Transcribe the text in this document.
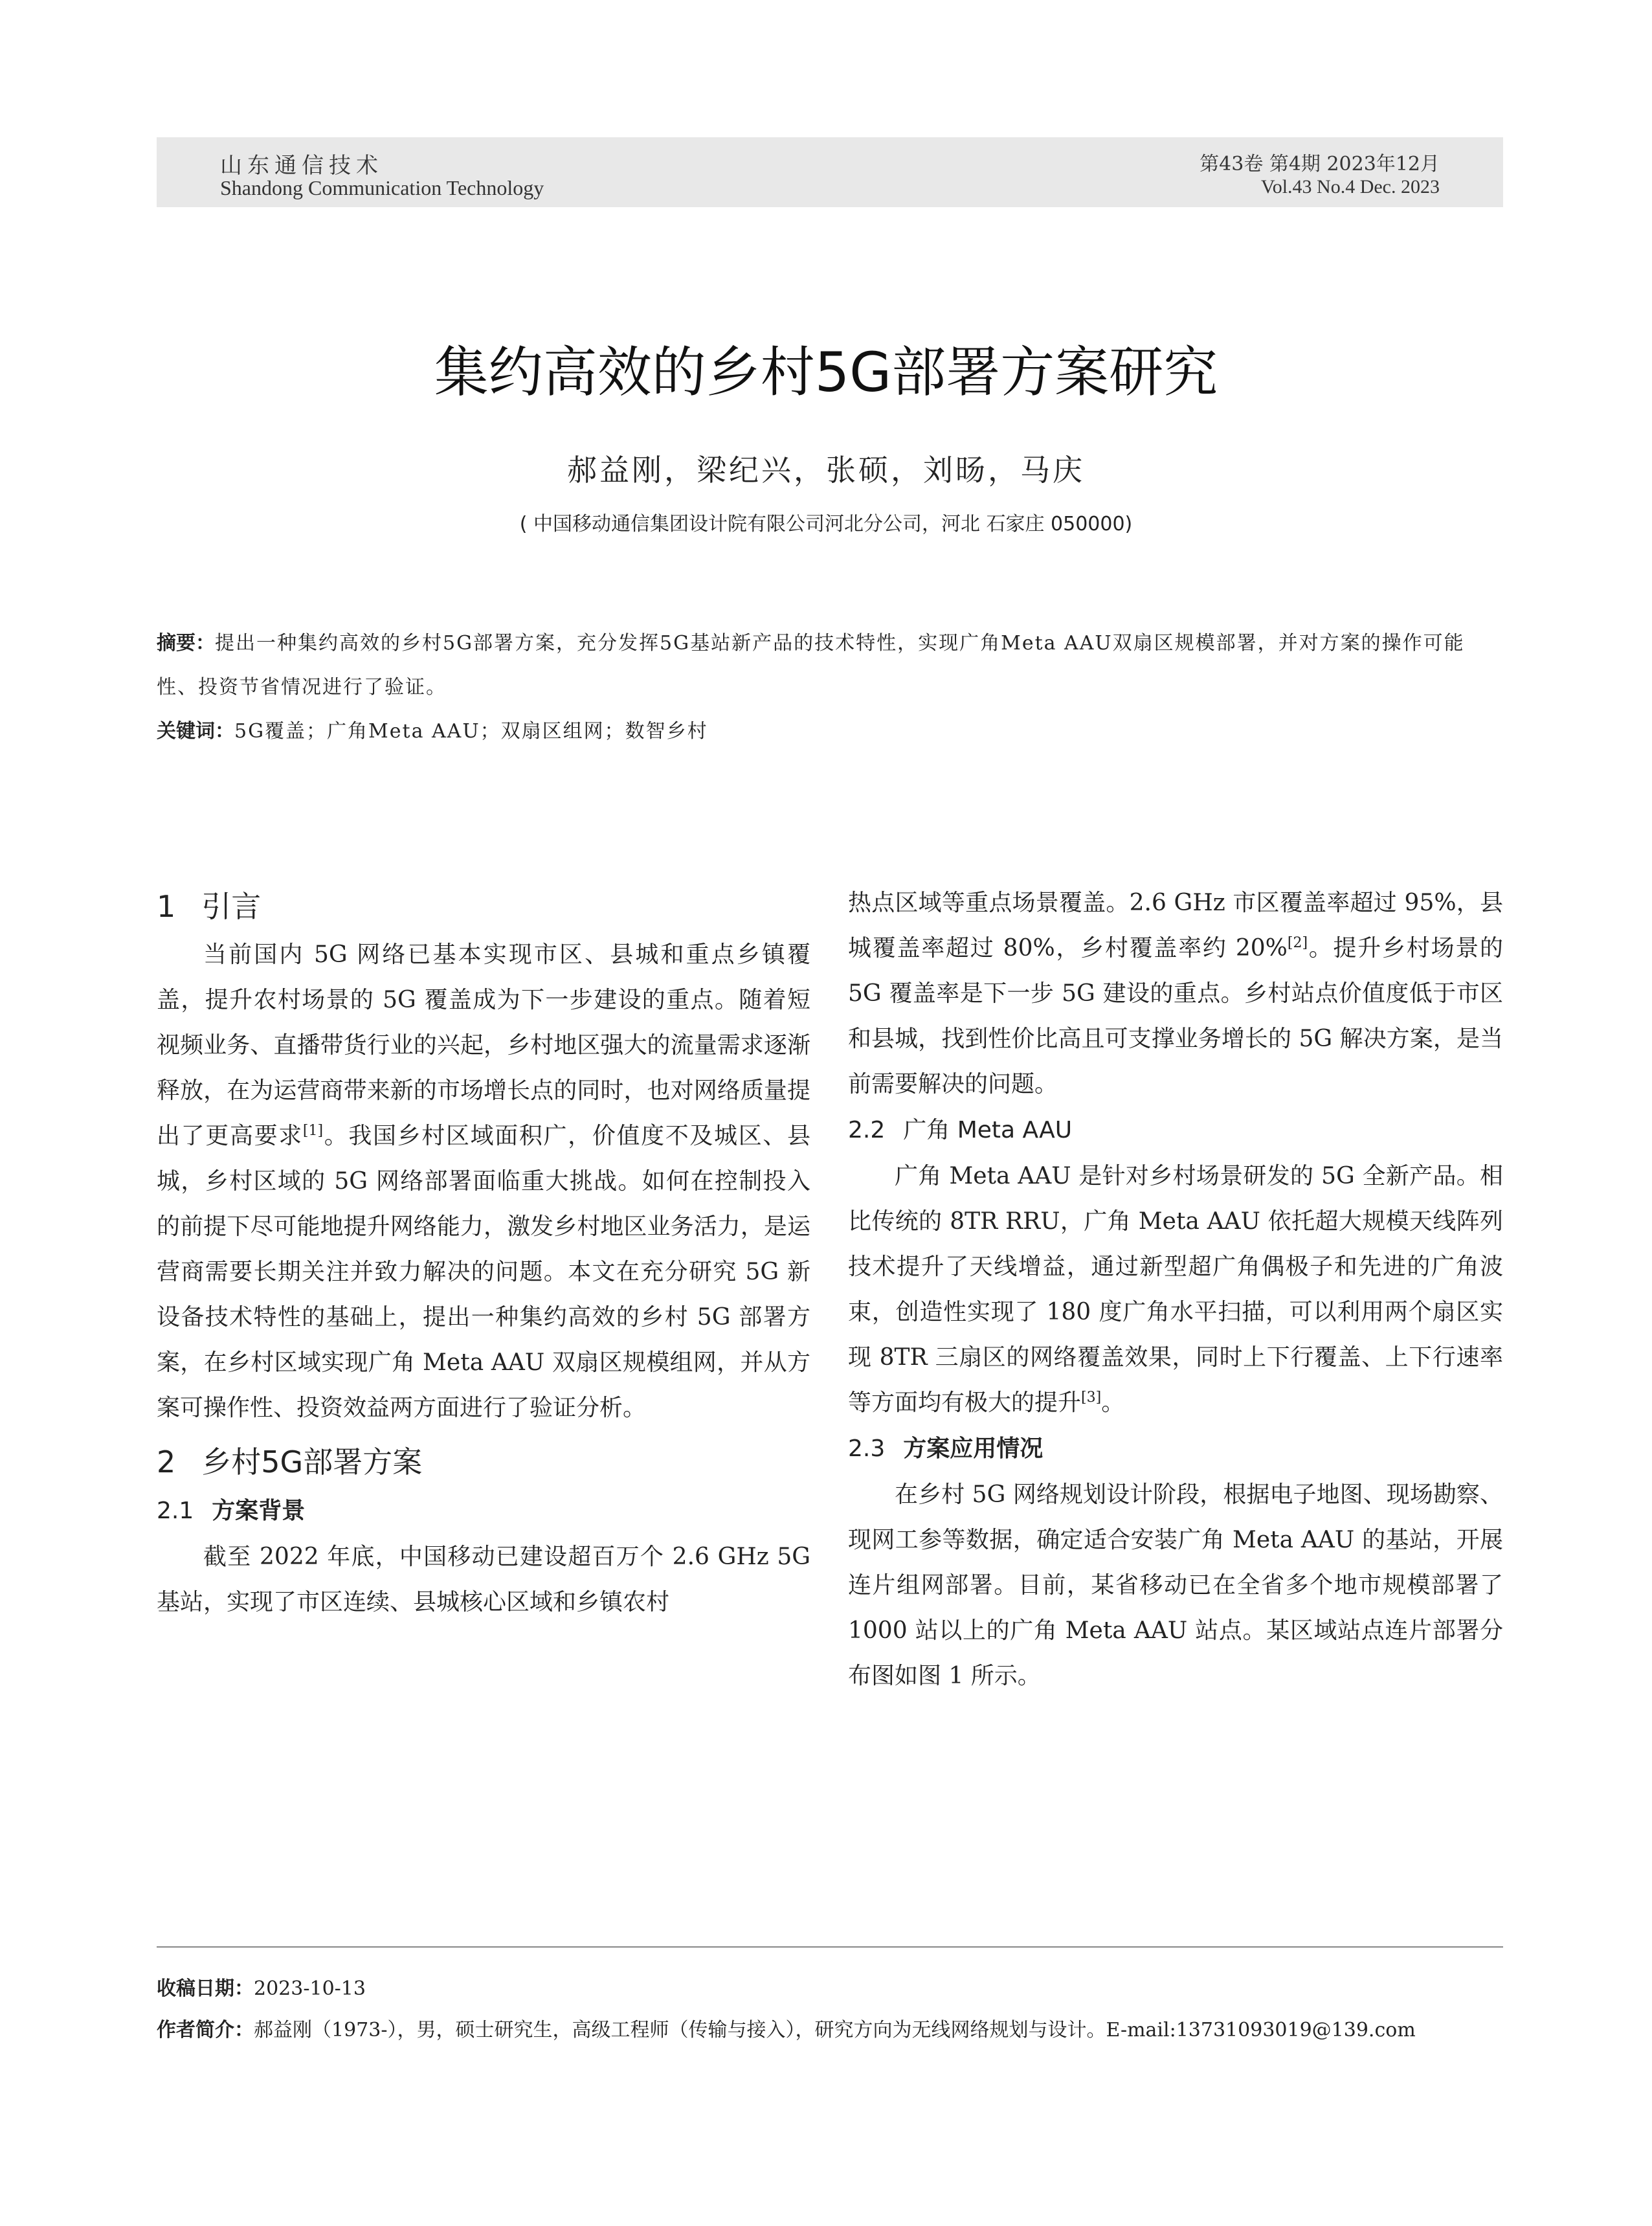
山东通信技术
Shandong Communication Technology
第43卷 第4期 2023年12月
Vol.43 No.4 Dec. 2023
集约高效的乡村5G部署方案研究
郝益刚，梁纪兴，张硕，刘旸，马庆
( 中国移动通信集团设计院有限公司河北分公司，河北 石家庄 050000)
摘要：提出一种集约高效的乡村5G部署方案，充分发挥5G基站新产品的技术特性，实现广角Meta AAU双扇区规模部署，并对方案的操作可能性、投资节省情况进行了验证。
关键词：5G覆盖；广角Meta AAU；双扇区组网；数智乡村

1 引言

当前国内 5G 网络已基本实现市区、县城和重点乡镇覆盖，提升农村场景的 5G 覆盖成为下一步建设的重点。随着短视频业务、直播带货行业的兴起，乡村地区强大的流量需求逐渐释放，在为运营商带来新的市场增长点的同时，也对网络质量提出了更高要求[1]。我国乡村区域面积广，价值度不及城区、县城，乡村区域的 5G 网络部署面临重大挑战。如何在控制投入的前提下尽可能地提升网络能力，激发乡村地区业务活力，是运营商需要长期关注并致力解决的问题。本文在充分研究 5G 新设备技术特性的基础上，提出一种集约高效的乡村 5G 部署方案，在乡村区域实现广角 Meta AAU 双扇区规模组网，并从方案可操作性、投资效益两方面进行了验证分析。

2 乡村5G部署方案

2.1 方案背景

截至 2022 年底，中国移动已建设超百万个 2.6 GHz 5G 基站，实现了市区连续、县城核心区域和乡镇农村

热点区域等重点场景覆盖。2.6 GHz 市区覆盖率超过 95%，县城覆盖率超过 80%，乡村覆盖率约 20%[2]。提升乡村场景的 5G 覆盖率是下一步 5G 建设的重点。乡村站点价值度低于市区和县城，找到性价比高且可支撑业务增长的 5G 解决方案，是当前需要解决的问题。

2.2 广角 Meta AAU

广角 Meta AAU 是针对乡村场景研发的 5G 全新产品。相比传统的 8TR RRU，广角 Meta AAU 依托超大规模天线阵列技术提升了天线增益，通过新型超广角偶极子和先进的广角波束，创造性实现了 180 度广角水平扫描，可以利用两个扇区实现 8TR 三扇区的网络覆盖效果，同时上下行覆盖、上下行速率等方面均有极大的提升[3]。

2.3 方案应用情况

在乡村 5G 网络规划设计阶段，根据电子地图、现场勘察、现网工参等数据，确定适合安装广角 Meta AAU 的基站，开展连片组网部署。目前，某省移动已在全省多个地市规模部署了 1000 站以上的广角 Meta AAU 站点。某区域站点连片部署分布图如图 1 所示。

收稿日期：2023-10-13
作者简介：郝益刚（1973-），男，硕士研究生，高级工程师（传输与接入），研究方向为无线网络规划与设计。E-mail:13731093019@139.com
